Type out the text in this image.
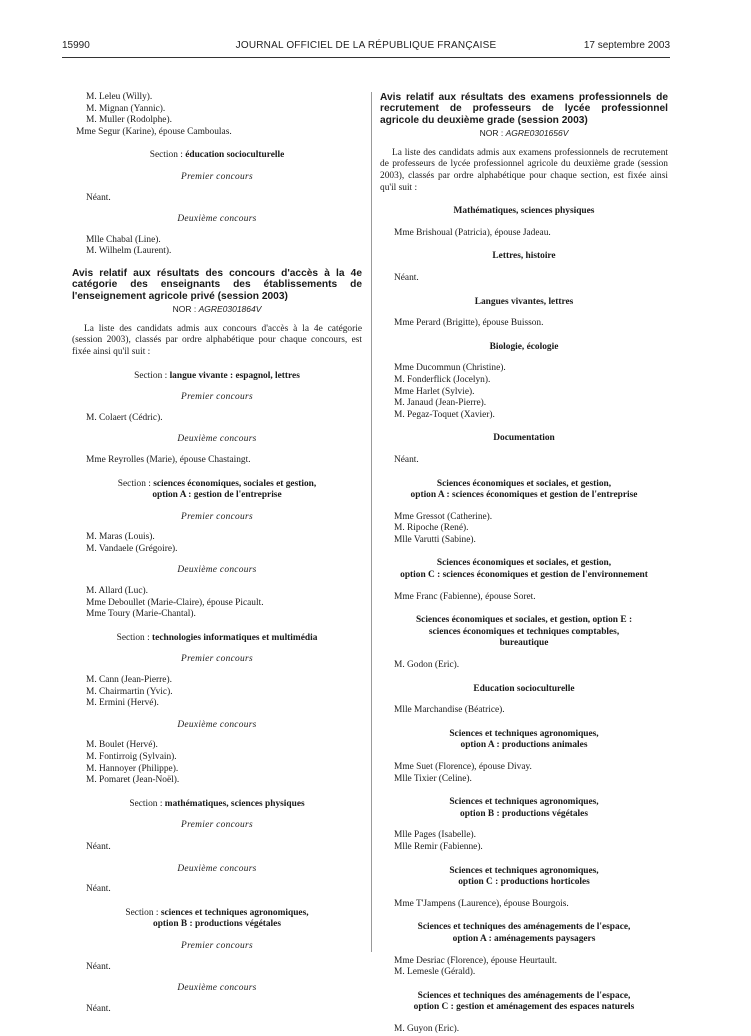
15990	JOURNAL OFFICIEL DE LA RÉPUBLIQUE FRANÇAISE	17 septembre 2003
M. Leleu (Willy).
M. Mignan (Yannic).
M. Muller (Rodolphe).
Mme Segur (Karine), épouse Camboulas.
Section : éducation socioculturelle
Premier concours
Néant.
Deuxième concours
Mlle Chabal (Line).
M. Wilhelm (Laurent).
Avis relatif aux résultats des concours d'accès à la 4e catégorie des enseignants des établissements de l'enseignement agricole privé (session 2003)
NOR : AGRE0301864V
La liste des candidats admis aux concours d'accès à la 4e catégorie (session 2003), classés par ordre alphabétique pour chaque concours, est fixée ainsi qu'il suit :
Section : langue vivante : espagnol, lettres
Premier concours
M. Colaert (Cédric).
Deuxième concours
Mme Reyrolles (Marie), épouse Chastaingt.
Section : sciences économiques, sociales et gestion,
option A : gestion de l'entreprise
Premier concours
M. Maras (Louis).
M. Vandaele (Grégoire).
Deuxième concours
M. Allard (Luc).
Mme Deboullet (Marie-Claire), épouse Picault.
Mme Toury (Marie-Chantal).
Section : technologies informatiques et multimédia
Premier concours
M. Cann (Jean-Pierre).
M. Chairmartin (Yvic).
M. Ermini (Hervé).
Deuxième concours
M. Boulet (Hervé).
M. Fontirroig (Sylvain).
M. Hannoyer (Philippe).
M. Pomaret (Jean-Noël).
Section : mathématiques, sciences physiques
Premier concours
Néant.
Deuxième concours
Néant.
Section : sciences et techniques agronomiques,
option B : productions végétales
Premier concours
Néant.
Deuxième concours
Néant.
Avis relatif aux résultats des examens professionnels de recrutement de professeurs de lycée professionnel agricole du deuxième grade (session 2003)
NOR : AGRE0301656V
La liste des candidats admis aux examens professionnels de recrutement de professeurs de lycée professionnel agricole du deuxième grade (session 2003), classés par ordre alphabétique pour chaque section, est fixée ainsi qu'il suit :
Mathématiques, sciences physiques
Mme Brishoual (Patricia), épouse Jadeau.
Lettres, histoire
Néant.
Langues vivantes, lettres
Mme Perard (Brigitte), épouse Buisson.
Biologie, écologie
Mme Ducommun (Christine).
M. Fonderflick (Jocelyn).
Mme Harlet (Sylvie).
M. Janaud (Jean-Pierre).
M. Pegaz-Toquet (Xavier).
Documentation
Néant.
Sciences économiques et sociales, et gestion,
option A : sciences économiques et gestion de l'entreprise
Mme Gressot (Catherine).
M. Ripoche (René).
Mlle Varutti (Sabine).
Sciences économiques et sociales, et gestion,
option C : sciences économiques et gestion de l'environnement
Mme Franc (Fabienne), épouse Soret.
Sciences économiques et sociales, et gestion, option E :
sciences économiques et techniques comptables,
bureautique
M. Godon (Eric).
Education socioculturelle
Mlle Marchandise (Béatrice).
Sciences et techniques agronomiques,
option A : productions animales
Mme Suet (Florence), épouse Divay.
Mlle Tixier (Celine).
Sciences et techniques agronomiques,
option B : productions végétales
Mlle Pages (Isabelle).
Mlle Remir (Fabienne).
Sciences et techniques agronomiques,
option C : productions horticoles
Mme T'Jampens (Laurence), épouse Bourgois.
Sciences et techniques des aménagements de l'espace,
option A : aménagements paysagers
Mme Desriac (Florence), épouse Heurtault.
M. Lemesle (Gérald).
Sciences et techniques des aménagements de l'espace,
option C : gestion et aménagement des espaces naturels
M. Guyon (Eric).
